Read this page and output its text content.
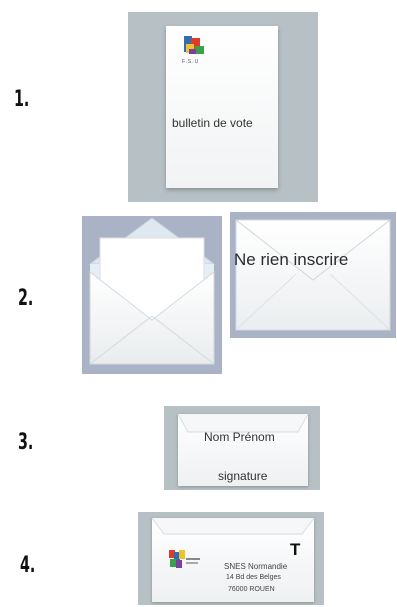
1.
2.
3.
4.
F.S.U
bulletin de vote
Ne rien inscrire
Nom Prénom
signature
T
SNES Normandie
14 Bd des Belges
76000 ROUEN
